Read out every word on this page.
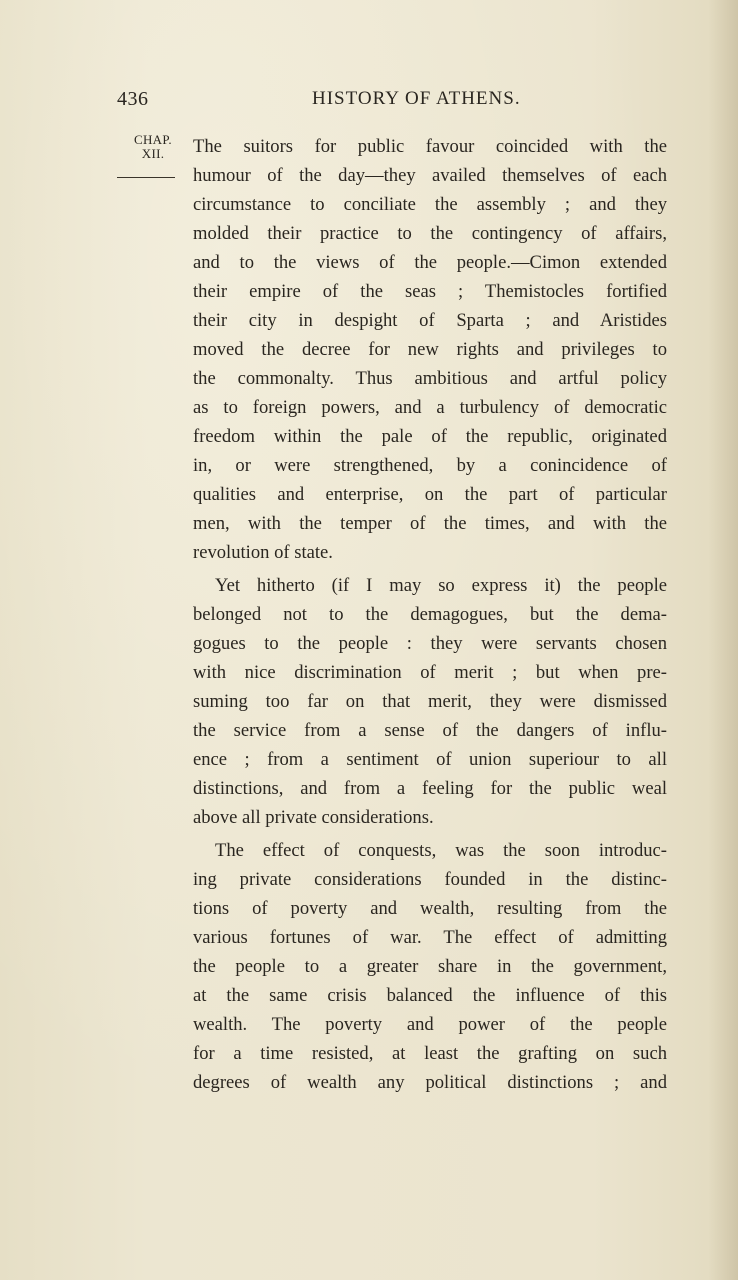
436	HISTORY OF ATHENS.
CHAP.
XII.	The suitors for public favour coincided with the
humour of the day—they availed themselves of each
circumstance to conciliate the assembly ; and they
molded their practice to the contingency of affairs,
and to the views of the people.—Cimon extended
their empire of the seas ; Themistocles fortified
their city in despight of Sparta ; and Aristides
moved the decree for new rights and privileges to
the commonalty. Thus ambitious and artful policy
as to foreign powers, and a turbulency of democratic
freedom within the pale of the republic, originated
in, or were strengthened, by a conincidence of
qualities and enterprise, on the part of particular
men, with the temper of the times, and with the
revolution of state.
Yet hitherto (if I may so express it) the people
belonged not to the demagogues, but the dema-
gogues to the people : they were servants chosen
with nice discrimination of merit ; but when pre-
suming too far on that merit, they were dismissed
the service from a sense of the dangers of influ-
ence ; from a sentiment of union superiour to all
distinctions, and from a feeling for the public weal
above all private considerations.
The effect of conquests, was the soon introduc-
ing private considerations founded in the distinc-
tions of poverty and wealth, resulting from the
various fortunes of war. The effect of admitting
the people to a greater share in the government,
at the same crisis balanced the influence of this
wealth. The poverty and power of the people
for a time resisted, at least the grafting on such
degrees of wealth any political distinctions ; and
